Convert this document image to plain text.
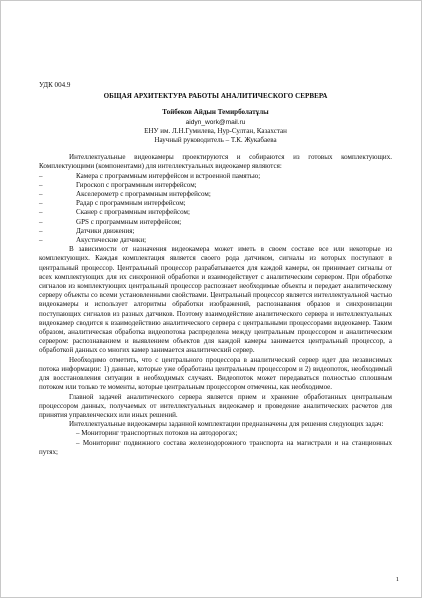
УДК 004.9
ОБЩАЯ АРХИТЕКТУРА РАБОТЫ АНАЛИТИЧЕСКОГО СЕРВЕРА
Тойбеков Айдын Темирболатұлы
aidyn_work@mail.ru
ЕНУ им. Л.Н.Гумилева, Нур-Султан, Казахстан
Научный руководитель – Т.К. Жукабаева

Интеллектуальные видеокамеры проектируются и собираются из готовых комплектующих. Комплектующими (компонентами) для интеллектуальных видеокамер являются:

–	Камера с программным интерфейсом и встроенной памятью;
–	Гироскоп с программным интерфейсом;
–	Акселерометр с программным интерфейсом;
–	Радар с программным интерфейсом;
–	Сканер с программным интерфейсом;
–	GPS с программным интерфейсом;
–	Датчики движения;
–	Акустические датчики;

В зависимости от назначения видеокамера может иметь в своем составе все или некоторые из комплектующих. Каждая комплектация является своего рода датчиком, сигналы из которых поступают в центральный процессор. Центральный процессор разрабатывается для каждой камеры, он принимает сигналы от всех комплектующих для их синхронной обработки и взаимодействует с аналитическим сервером. При обработке сигналов из комплектующих центральный процессор распознает необходимые объекты и передает аналитическому серверу объекты со всеми установленными свойствами. Центральный процессор является интеллектуальной частью видеокамеры и использует алгоритмы обработки изображений, распознавания образов и синхронизации поступающих сигналов из разных датчиков. Поэтому взаимодействие аналитического сервера и интеллектуальных видеокамер сводится к взаимодействию аналитического сервера с центральными процессорами видеокамер. Таким образом, аналитическая обработка видеопотока распределена между центральным процессором и аналитическим сервером: распознаванием и выявлением объектов для каждой камеры занимается центральный процессор, а обработкой данных со многих камер занимается аналитический сервер.

Необходимо отметить, что с центрального процессора в аналитический сервер идет два независимых потока информации: 1) данные, которые уже обработаны центральным процессором и 2) видеопоток, необходимый для восстановления ситуации в необходимых случаях. Видеопоток может передаваться полностью сплошным потоком или только те моменты, которые центральным процессором отмечены, как необходимое.

Главной задачей аналитического сервера является прием и хранение обработанных центральным процессором данных, получаемых от интеллектуальных видеокамер и проведение аналитических расчетов для принятия управленческих или иных решений.

Интеллектуальные видеокамеры заданной комплектации предназначены для решения следующих задач:

– Мониторинг транспортных потоков на автодорогах;
– Мониторинг подвижного состава железнодорожного транспорта на магистрали и на станционных путях;
1
